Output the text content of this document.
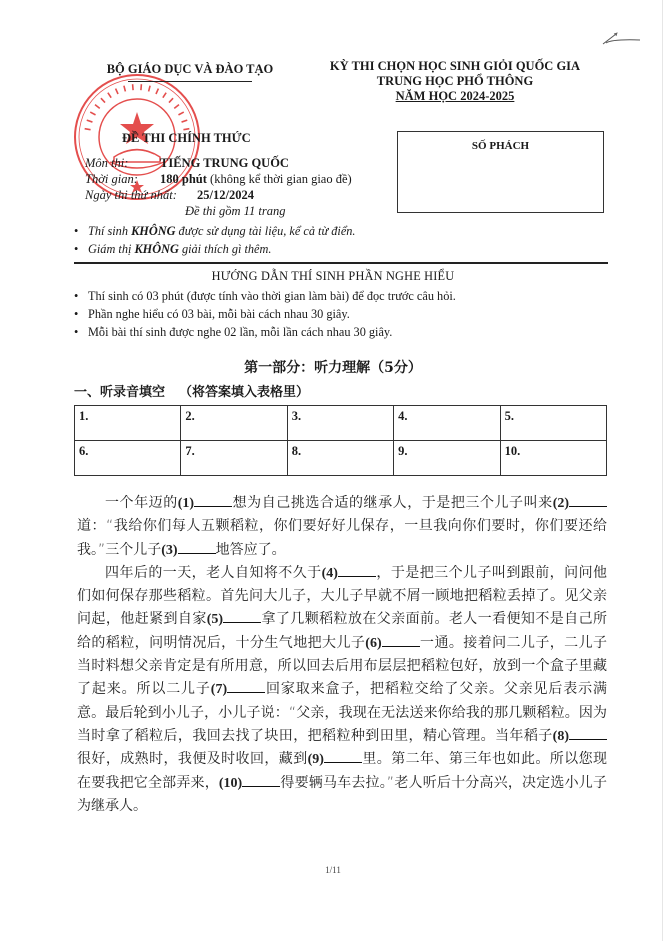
BỘ GIÁO DỤC VÀ ĐÀO TẠO	KỲ THI CHỌN HỌC SINH GIỎI QUỐC GIA
TRUNG HỌC PHỔ THÔNG
NĂM HỌC 2024-2025
ĐỀ THI CHÍNH THỨC
Môn thi:	TIẾNG TRUNG QUỐC
Thời gian: 180 phút (không kể thời gian giao đề)
Ngày thi thứ nhất: 25/12/2024
Đề thi gồm 11 trang
SỐ PHÁCH
• Thí sinh KHÔNG được sử dụng tài liệu, kể cả từ điển.
• Giám thị KHÔNG giải thích gì thêm.
HƯỚNG DẪN THÍ SINH PHẦN NGHE HIỂU
• Thí sinh có 03 phút (được tính vào thời gian làm bài) để đọc trước câu hỏi.
• Phần nghe hiểu có 03 bài, mỗi bài cách nhau 30 giây.
• Mỗi bài thí sinh được nghe 02 lần, mỗi lần cách nhau 30 giây.
第一部分：听力理解（5分）
一、听录音填空 （将答案填入表格里）
1.	2.	3.	4.	5.
6.	7.	8.	9.	10.

一个年迈的(1)	想为自己挑选合适的继承人，于是把三个儿子叫来(2)道：“我给你们每人五颗稻粒，你们要好好儿保存，一旦我向你们要时，你们要还给我。”三个儿子(3)	地答应了。

四年后的一天，老人自知将不久于(4)	，于是把三个儿子叫到跟前，问问他们如何保存那些稻粒。首先问大儿子，大儿子早就不屑一顾地把稻粒丢掉了。见父亲问起，他赶紧到自家(5)	拿了几颗稻粒放在父亲面前。老人一看便知不是自己所给的稻粒，问明情况后，十分生气地把大儿子(6)	一通。接着问二儿子，二儿子当时料想父亲肯定是有所用意，所以回去后用布层层把稻粒包好，放到一个盒子里藏了起来。所以二儿子(7)	回家取来盒子，把稻粒交给了父亲。父亲见后表示满意。最后轮到小儿子，小儿子说：“父亲，我现在无法送来你给我的那几颗稻粒。因为当时拿了稻粒后，我回去找了块田，把稻粒种到田里，精心管理。当年稻子(8)很好，成熟时，我便及时收回，藏到(9)	里。第二年、第三年也如此。所以您现在要我把它全部弄来，(10)	得要辆马车去拉。”老人听后十分高兴，决定选小儿子为继承人。

1/11
